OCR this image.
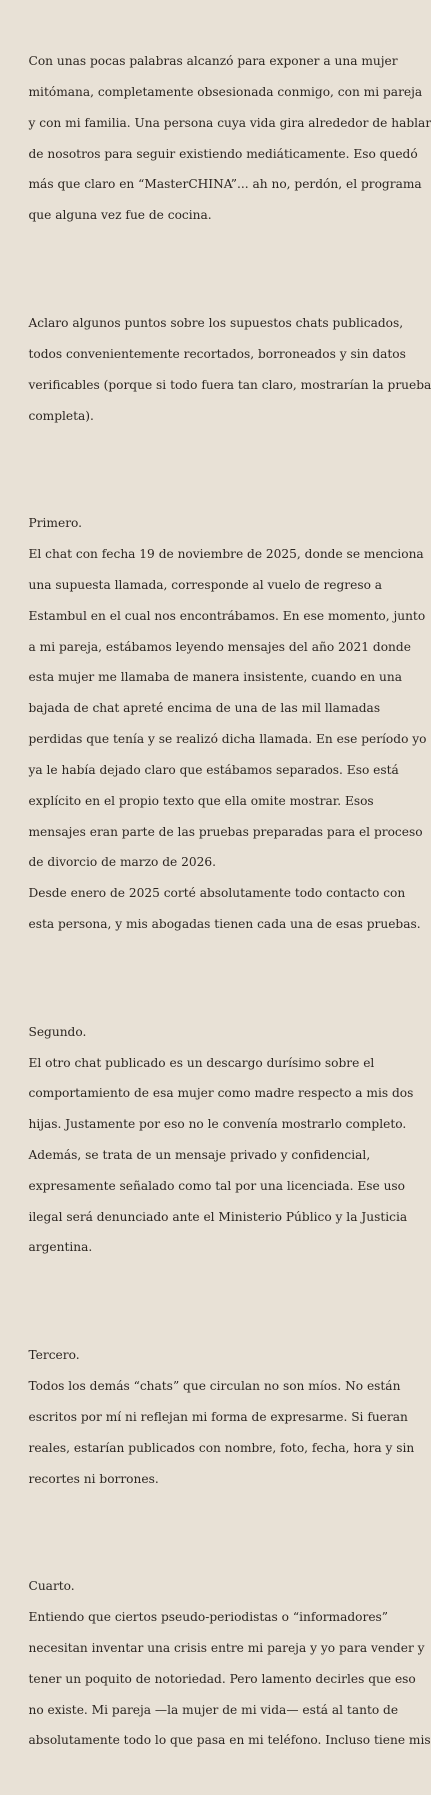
Con unas pocas palabras alcanzó para exponer a una mujer

mitómana, completamente obsesionada conmigo, con mi pareja

y con mi familia. Una persona cuya vida gira alrededor de hablar

de nosotros para seguir existiendo mediáticamente. Eso quedó

más que claro en “MasterCHINA”... ah no, perdón, el programa

que alguna vez fue de cocina.

Aclaro algunos puntos sobre los supuestos chats publicados,

todos convenientemente recortados, borroneados y sin datos

verificables (porque si todo fuera tan claro, mostrarían la prueba

completa).

Primero.

El chat con fecha 19 de noviembre de 2025, donde se menciona

una supuesta llamada, corresponde al vuelo de regreso a

Estambul en el cual nos encontrábamos. En ese momento, junto

a mi pareja, estábamos leyendo mensajes del año 2021 donde

esta mujer me llamaba de manera insistente, cuando en una

bajada de chat apreté encima de una de las mil llamadas

perdidas que tenía y se realizó dicha llamada. En ese período yo

ya le había dejado claro que estábamos separados. Eso está

explícito en el propio texto que ella omite mostrar. Esos

mensajes eran parte de las pruebas preparadas para el proceso

de divorcio de marzo de 2026.

Desde enero de 2025 corté absolutamente todo contacto con

esta persona, y mis abogadas tienen cada una de esas pruebas.

Segundo.

El otro chat publicado es un descargo durísimo sobre el

comportamiento de esa mujer como madre respecto a mis dos

hijas. Justamente por eso no le convenía mostrarlo completo.

Además, se trata de un mensaje privado y confidencial,

expresamente señalado como tal por una licenciada. Ese uso

ilegal será denunciado ante el Ministerio Público y la Justicia

argentina.

Tercero.

Todos los demás “chats” que circulan no son míos. No están

escritos por mí ni reflejan mi forma de expresarme. Si fueran

reales, estarían publicados con nombre, foto, fecha, hora y sin

recortes ni borrones.

Cuarto.

Entiendo que ciertos pseudo-periodistas o “informadores”

necesitan inventar una crisis entre mi pareja y yo para vender y

tener un poquito de notoriedad. Pero lamento decirles que eso

no existe. Mi pareja —la mujer de mi vida— está al tanto de

absolutamente todo lo que pasa en mi teléfono. Incluso tiene mis
